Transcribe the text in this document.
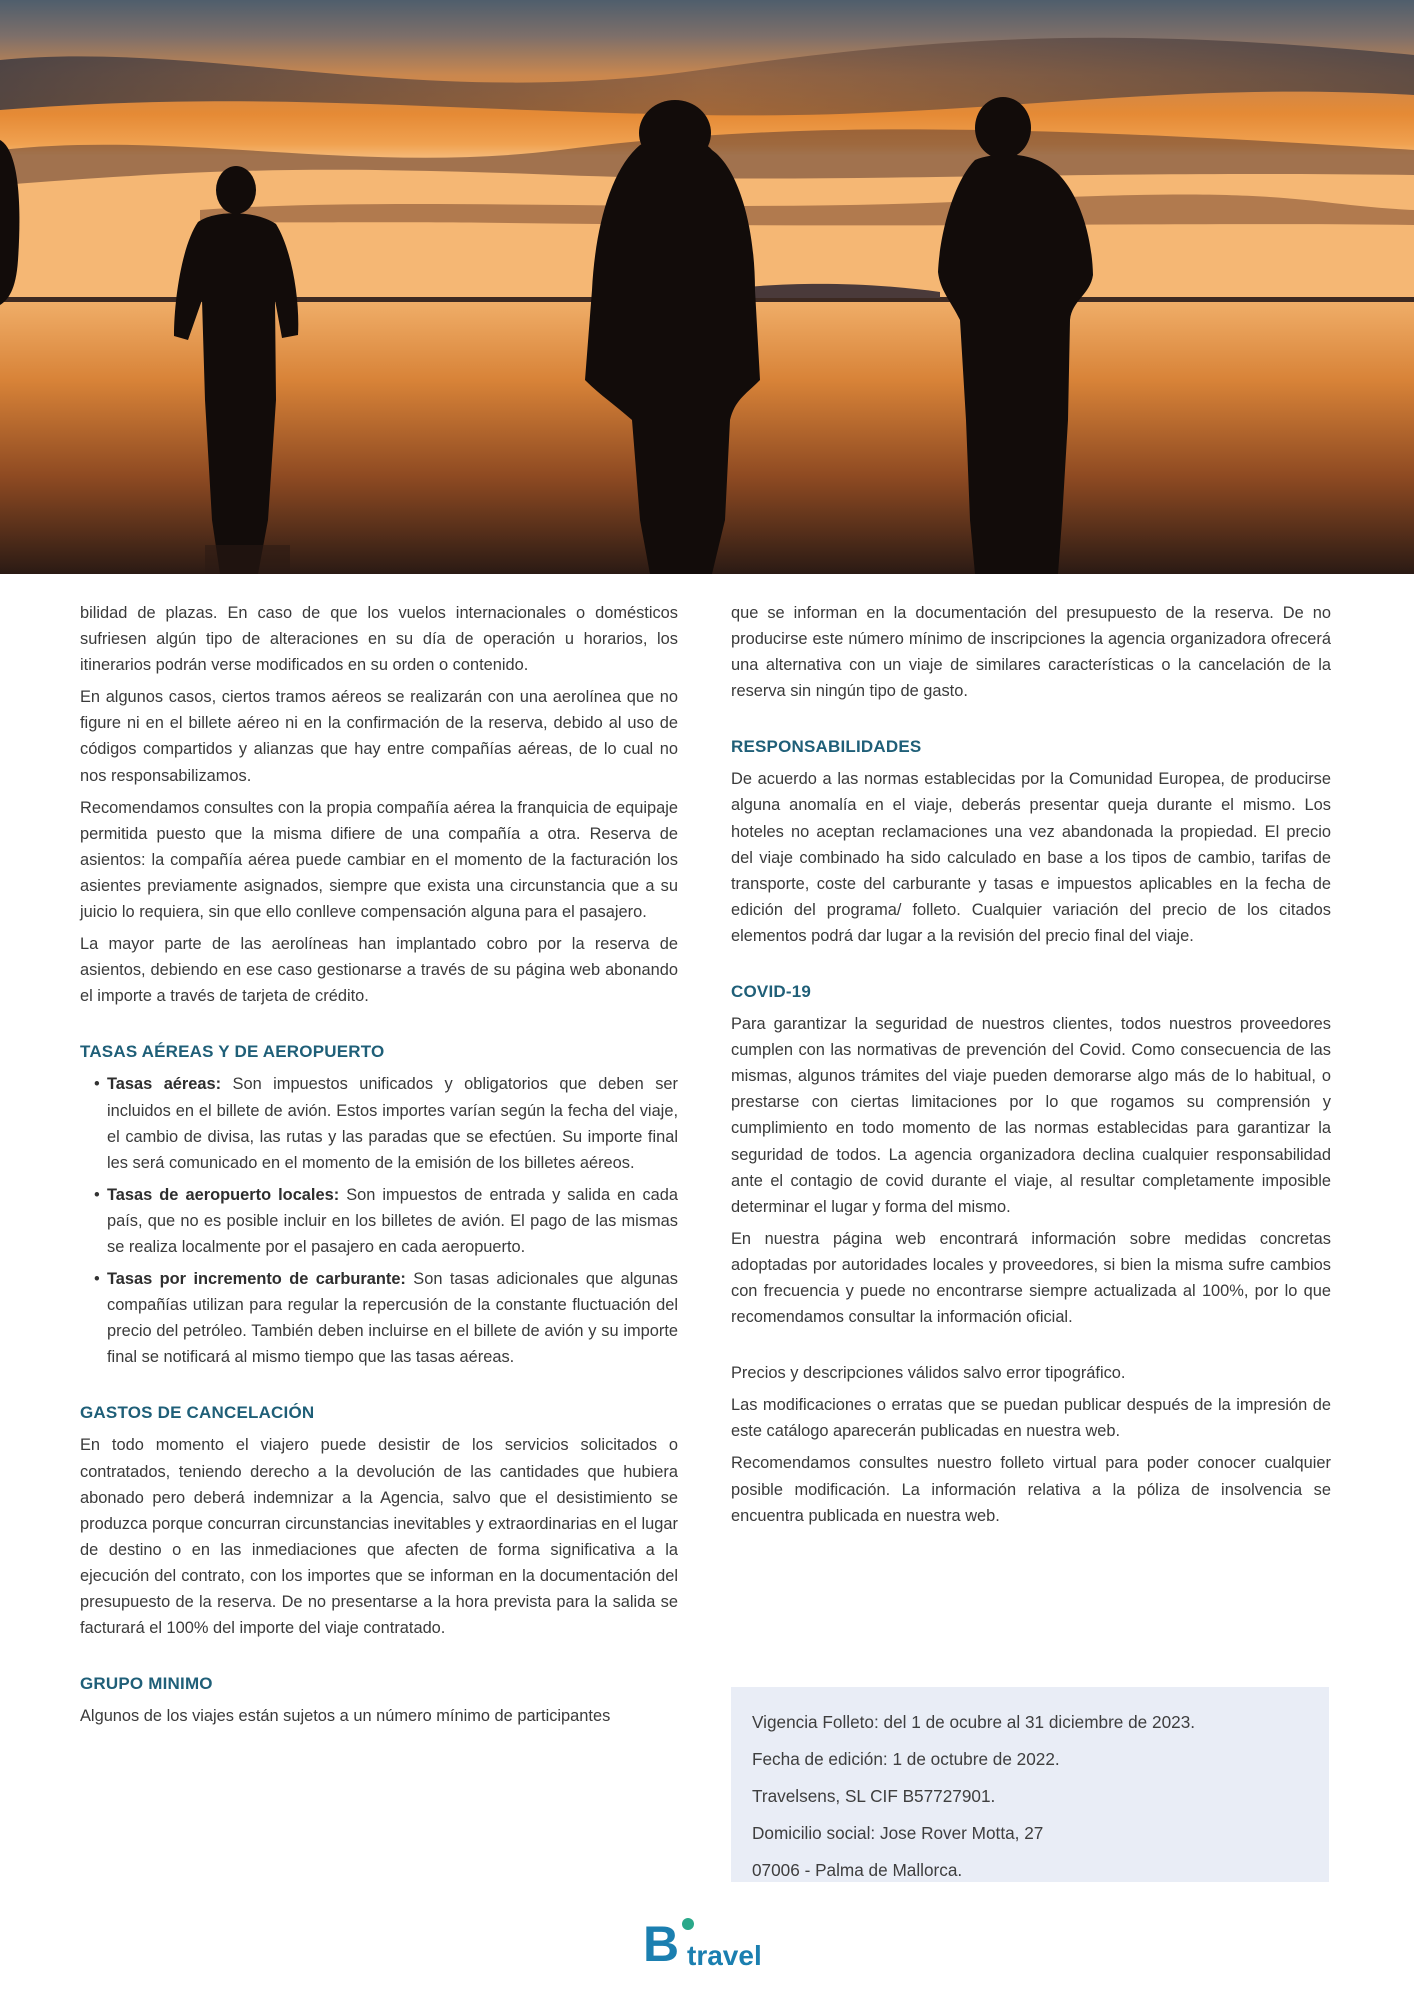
bilidad de plazas. En caso de que los vuelos internacionales o domésticos sufriesen algún tipo de alteraciones en su día de operación u horarios, los itinerarios podrán verse modificados en su orden o contenido.

En algunos casos, ciertos tramos aéreos se realizarán con una aerolínea que no figure ni en el billete aéreo ni en la confirmación de la reserva, debido al uso de códigos compartidos y alianzas que hay entre compañías aéreas, de lo cual no nos responsabilizamos.

Recomendamos consultes con la propia compañía aérea la franquicia de equipaje permitida puesto que la misma difiere de una compañía a otra. Reserva de asientos: la compañía aérea puede cambiar en el momento de la facturación los asientes previamente asignados, siempre que exista una circunstancia que a su juicio lo requiera, sin que ello conlleve compensación alguna para el pasajero.

La mayor parte de las aerolíneas han implantado cobro por la reserva de asientos, debiendo en ese caso gestionarse a través de su página web abonando el importe a través de tarjeta de crédito.

TASAS AÉREAS Y DE AEROPUERTO
• Tasas aéreas: Son impuestos unificados y obligatorios que deben ser incluidos en el billete de avión. Estos importes varían según la fecha del viaje, el cambio de divisa, las rutas y las paradas que se efectúen. Su importe final les será comunicado en el momento de la emisión de los billetes aéreos.
• Tasas de aeropuerto locales: Son impuestos de entrada y salida en cada país, que no es posible incluir en los billetes de avión. El pago de las mismas se realiza localmente por el pasajero en cada aeropuerto.
• Tasas por incremento de carburante: Son tasas adicionales que algunas compañías utilizan para regular la repercusión de la constante fluctuación del precio del petróleo. También deben incluirse en el billete de avión y su importe final se notificará al mismo tiempo que las tasas aéreas.
GASTOS DE CANCELACIÓN

En todo momento el viajero puede desistir de los servicios solicitados o contratados, teniendo derecho a la devolución de las cantidades que hubiera abonado pero deberá indemnizar a la Agencia, salvo que el desistimiento se produzca porque concurran circunstancias inevitables y extraordinarias en el lugar de destino o en las inmediaciones que afecten de forma significativa a la ejecución del contrato, con los importes que se informan en la documentación del presupuesto de la reserva. De no presentarse a la hora prevista para la salida se facturará el 100% del importe del viaje contratado.

GRUPO MINIMO

Algunos de los viajes están sujetos a un número mínimo de participantes

que se informan en la documentación del presupuesto de la reserva. De no producirse este número mínimo de inscripciones la agencia organizadora ofrecerá una alternativa con un viaje de similares características o la cancelación de la reserva sin ningún tipo de gasto.

RESPONSABILIDADES

De acuerdo a las normas establecidas por la Comunidad Europea, de producirse alguna anomalía en el viaje, deberás presentar queja durante el mismo. Los hoteles no aceptan reclamaciones una vez abandonada la propiedad. El precio del viaje combinado ha sido calculado en base a los tipos de cambio, tarifas de transporte, coste del carburante y tasas e impuestos aplicables en la fecha de edición del programa/ folleto. Cualquier variación del precio de los citados elementos podrá dar lugar a la revisión del precio final del viaje.

COVID-19

Para garantizar la seguridad de nuestros clientes, todos nuestros proveedores cumplen con las normativas de prevención del Covid. Como consecuencia de las mismas, algunos trámites del viaje pueden demorarse algo más de lo habitual, o prestarse con ciertas limitaciones por lo que rogamos su comprensión y cumplimiento en todo momento de las normas establecidas para garantizar la seguridad de todos. La agencia organizadora declina cualquier responsabilidad ante el contagio de covid durante el viaje, al resultar completamente imposible determinar el lugar y forma del mismo.

En nuestra página web encontrará información sobre medidas concretas adoptadas por autoridades locales y proveedores, si bien la misma sufre cambios con frecuencia y puede no encontrarse siempre actualizada al 100%, por lo que recomendamos consultar la información oficial.

Precios y descripciones válidos salvo error tipográfico.

Las modificaciones o erratas que se puedan publicar después de la impresión de este catálogo aparecerán publicadas en nuestra web.

Recomendamos consultes nuestro folleto virtual para poder conocer cualquier posible modificación. La información relativa a la póliza de insolvencia se encuentra publicada en nuestra web.

Vigencia Folleto: del 1 de ocubre al 31 diciembre de 2023.
Fecha de edición: 1 de octubre de 2022.
Travelsens, SL CIF B57727901.
Domicilio social: Jose Rover Motta, 27
07006 - Palma de Mallorca.
B travel
